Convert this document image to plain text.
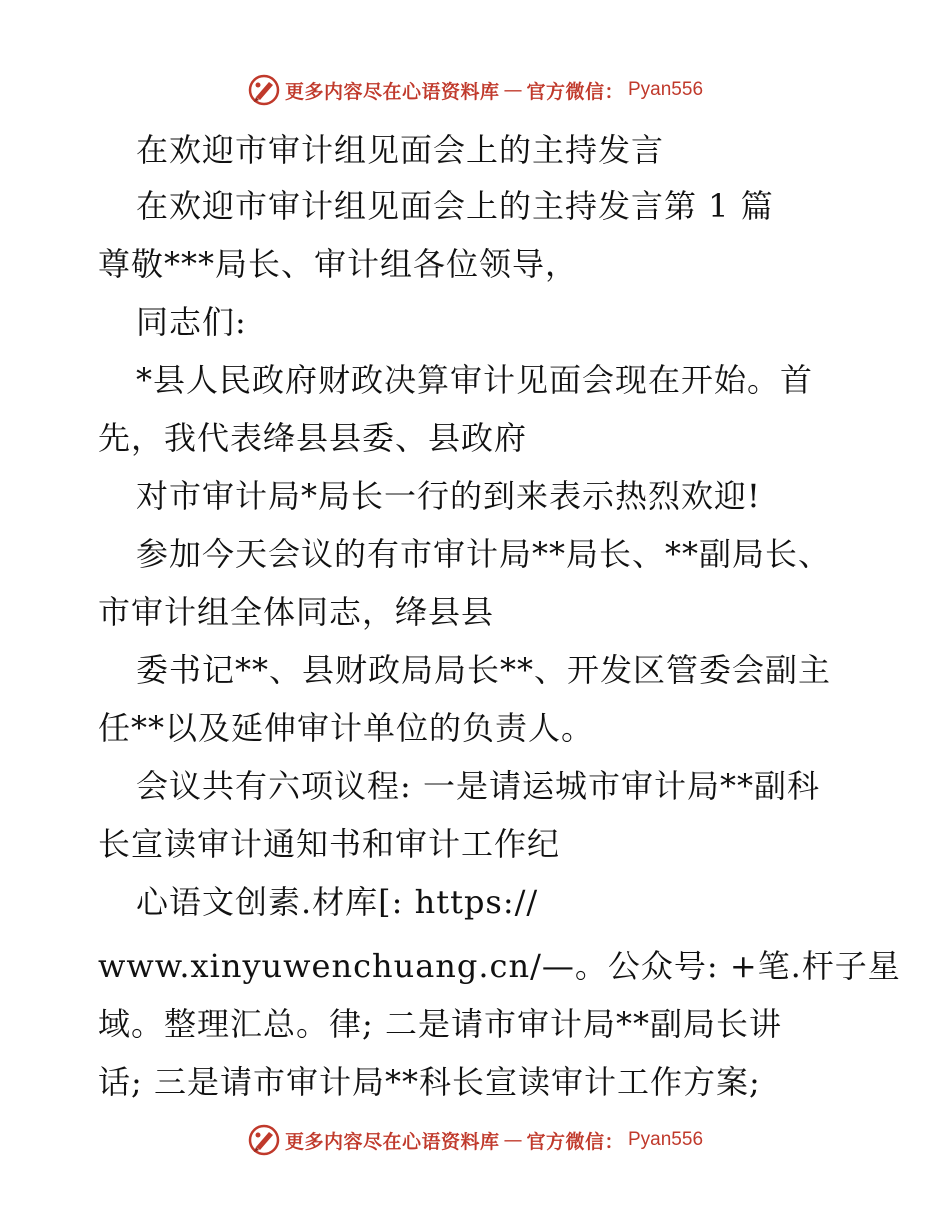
更多内容尽在心语资料库 — 官方微信： Pyan556
在欢迎市审计组见面会上的主持发言
在欢迎市审计组见面会上的主持发言第 1 篇
尊敬***局长、审计组各位领导，
同志们:
*县人民政府财政决算审计见面会现在开始。首
先，我代表绛县县委、县政府
对市审计局*局长一行的到来表示热烈欢迎!
参加今天会议的有市审计局**局长、**副局长、
市审计组全体同志，绛县县
委书记**、县财政局局长**、开发区管委会副主
任**以及延伸审计单位的负责人。
会议共有六项议程: 一是请运城市审计局**副科
长宣读审计通知书和审计工作纪
心语文创素.材库[: https://
www.xinyuwenchuang.cn/—。公众号: +笔.杆子星
域。整理汇总。律; 二是请市审计局**副局长讲
话; 三是请市审计局**科长宣读审计工作方案;
更多内容尽在心语资料库 — 官方微信： Pyan556
